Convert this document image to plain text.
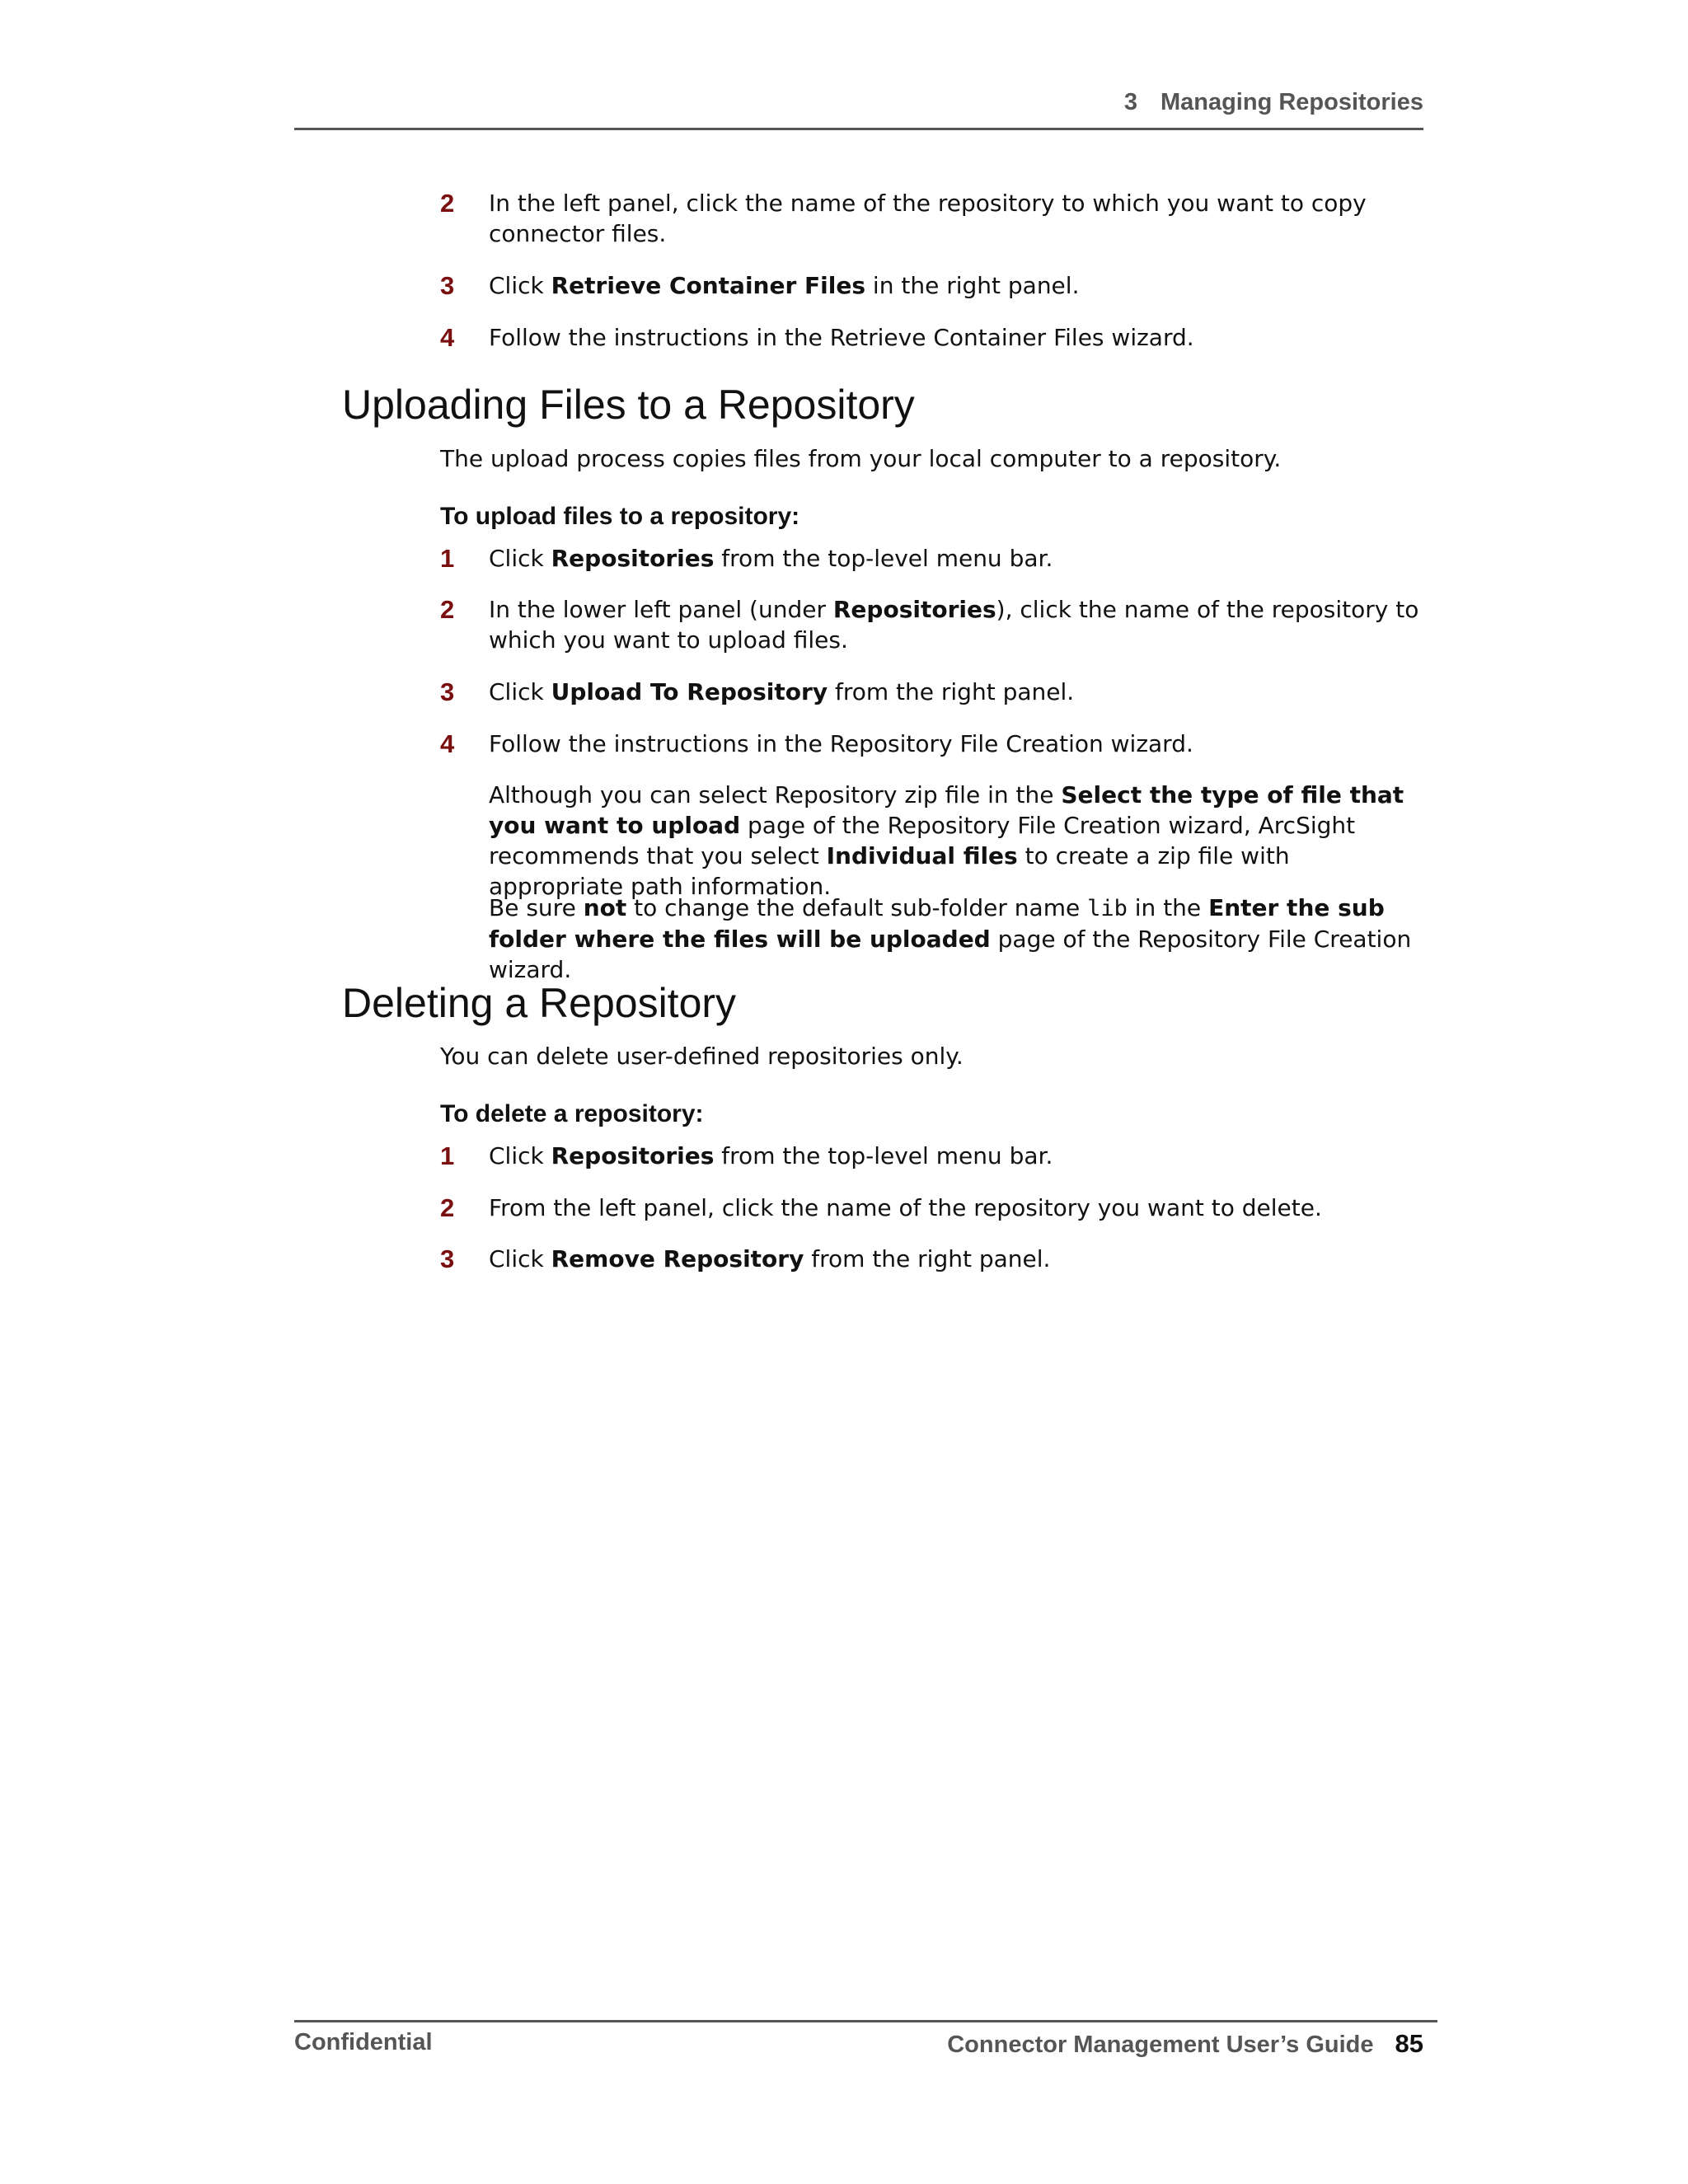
3 Managing Repositories
2	In the left panel, click the name of the repository to which you want to copy connector files.
3	Click Retrieve Container Files in the right panel.
4	Follow the instructions in the Retrieve Container Files wizard.
Uploading Files to a Repository

The upload process copies files from your local computer to a repository.

To upload files to a repository:

1	Click Repositories from the top-level menu bar.
2	In the lower left panel (under Repositories), click the name of the repository to which you want to upload files.
3	Click Upload To Repository from the right panel.
4	Follow the instructions in the Repository File Creation wizard.

Although you can select Repository zip file in the Select the type of file that you want to upload page of the Repository File Creation wizard, ArcSight recommends that you select Individual files to create a zip file with appropriate path information.

Be sure not to change the default sub-folder name lib in the Enter the sub folder where the files will be uploaded page of the Repository File Creation wizard.

Deleting a Repository

You can delete user-defined repositories only.

To delete a repository:

1	Click Repositories from the top-level menu bar.
2	From the left panel, click the name of the repository you want to delete.
3	Click Remove Repository from the right panel.
Confidential	Connector Management User’s Guide 85
